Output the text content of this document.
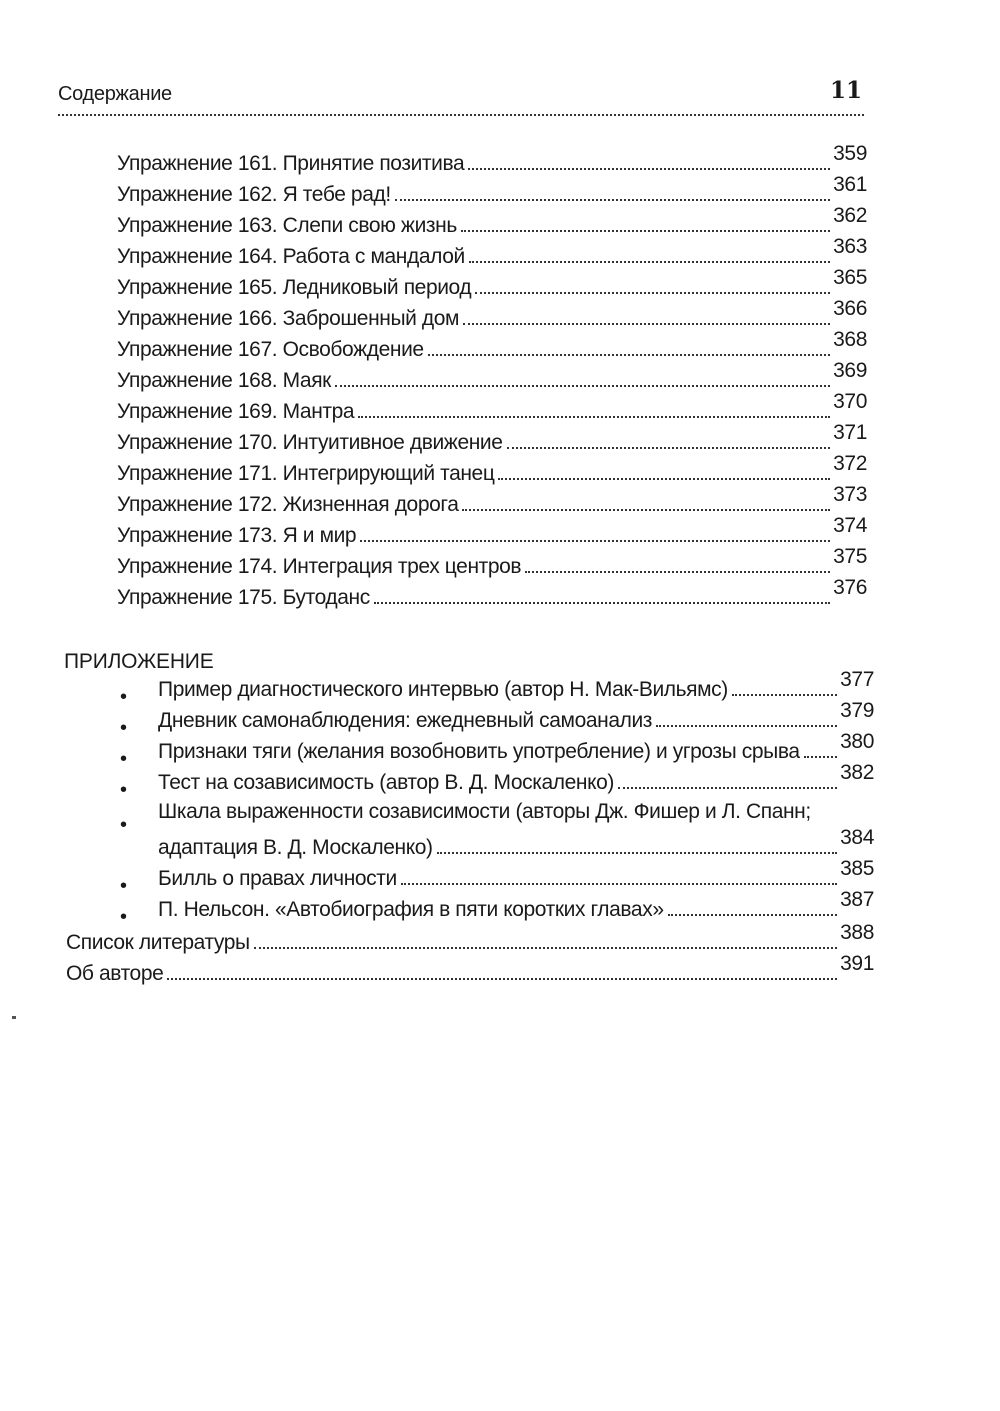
Содержание	11
Упражнение 161. Принятие позитива	359
Упражнение 162. Я тебе рад!	361
Упражнение 163. Слепи свою жизнь	362
Упражнение 164. Работа с мандалой	363
Упражнение 165. Ледниковый период	365
Упражнение 166. Заброшенный дом	366
Упражнение 167. Освобождение	368
Упражнение 168. Маяк	369
Упражнение 169. Мантра	370
Упражнение 170. Интуитивное движение	371
Упражнение 171. Интегрирующий танец	372
Упражнение 172. Жизненная дорога	373
Упражнение 173. Я и мир	374
Упражнение 174. Интеграция трех центров	375
Упражнение 175. Бутоданс	376
ПРИЛОЖЕНИЕ
• Пример диагностического интервью (автор Н. Мак-Вильямс)	377
• Дневник самонаблюдения: ежедневный самоанализ	379
• Признаки тяги (желания возобновить употребление) и угрозы срыва 380
• Тест на созависимость (автор В. Д. Москаленко)	382
•
Шкала выраженности созависимости (авторы Дж. Фишер и Л. Спанн;
адаптация В. Д. Москаленко)	384
• Билль о правах личности	385
• П. Нельсон. «Автобиография в пяти коротких главах»	387
Список литературы	388
Об авторе	391
